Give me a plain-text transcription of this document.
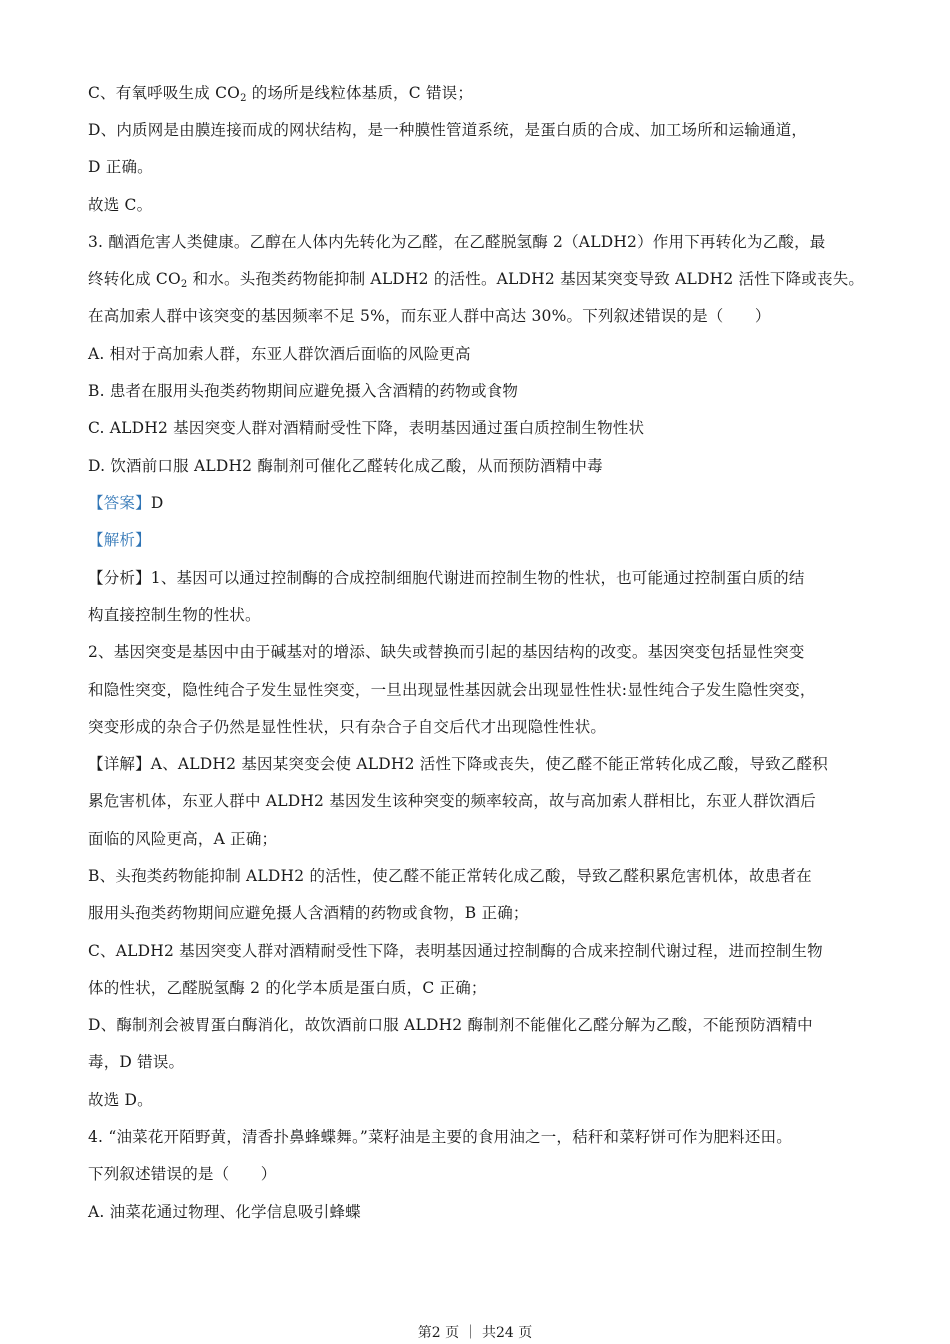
C、有氧呼吸生成 $CO_2$ 的场所是线粒体基质，C 错误；
D、内质网是由膜连接而成的网状结构，是一种膜性管道系统，是蛋白质的合成、加工场所和运输通道，
D 正确。
故选 C。
3. 酗酒危害人类健康。乙醇在人体内先转化为乙醛，在乙醛脱氢酶 2（ALDH2）作用下再转化为乙酸，最
终转化成 $CO_2$ 和水。头孢类药物能抑制 ALDH2 的活性。ALDH2 基因某突变导致 ALDH2 活性下降或丧失。
在高加索人群中该突变的基因频率不足 5%，而东亚人群中高达 30%。下列叙述错误的是（　　）
A. 相对于高加索人群，东亚人群饮酒后面临的风险更高
B. 患者在服用头孢类药物期间应避免摄入含酒精的药物或食物
C. ALDH2 基因突变人群对酒精耐受性下降，表明基因通过蛋白质控制生物性状
D. 饮酒前口服 ALDH2 酶制剂可催化乙醛转化成乙酸，从而预防酒精中毒
【答案】D
【解析】
【分析】1、基因可以通过控制酶的合成控制细胞代谢进而控制生物的性状，也可能通过控制蛋白质的结
构直接控制生物的性状。
2、基因突变是基因中由于碱基对的增添、缺失或替换而引起的基因结构的改变。基因突变包括显性突变
和隐性突变，隐性纯合子发生显性突变，一旦出现显性基因就会出现显性性状:显性纯合子发生隐性突变，
突变形成的杂合子仍然是显性性状，只有杂合子自交后代才出现隐性性状。
【详解】A、ALDH2 基因某突变会使 ALDH2 活性下降或丧失，使乙醛不能正常转化成乙酸，导致乙醛积
累危害机体，东亚人群中 ALDH2 基因发生该种突变的频率较高，故与高加索人群相比，东亚人群饮酒后
面临的风险更高，A 正确；
B、头孢类药物能抑制 ALDH2 的活性，使乙醛不能正常转化成乙酸，导致乙醛积累危害机体，故患者在
服用头孢类药物期间应避免摄人含酒精的药物或食物，B 正确；
C、ALDH2 基因突变人群对酒精耐受性下降，表明基因通过控制酶的合成来控制代谢过程，进而控制生物
体的性状，乙醛脱氢酶 2 的化学本质是蛋白质，C 正确；
D、酶制剂会被胃蛋白酶消化，故饮酒前口服 ALDH2 酶制剂不能催化乙醛分解为乙酸，不能预防酒精中
毒，D 错误。
故选 D。
4. “油菜花开陌野黄，清香扑鼻蜂蝶舞。”菜籽油是主要的食用油之一，秸秆和菜籽饼可作为肥料还田。
下列叙述错误的是（　　）
A. 油菜花通过物理、化学信息吸引蜂蝶
第2 页 ｜ 共24 页
